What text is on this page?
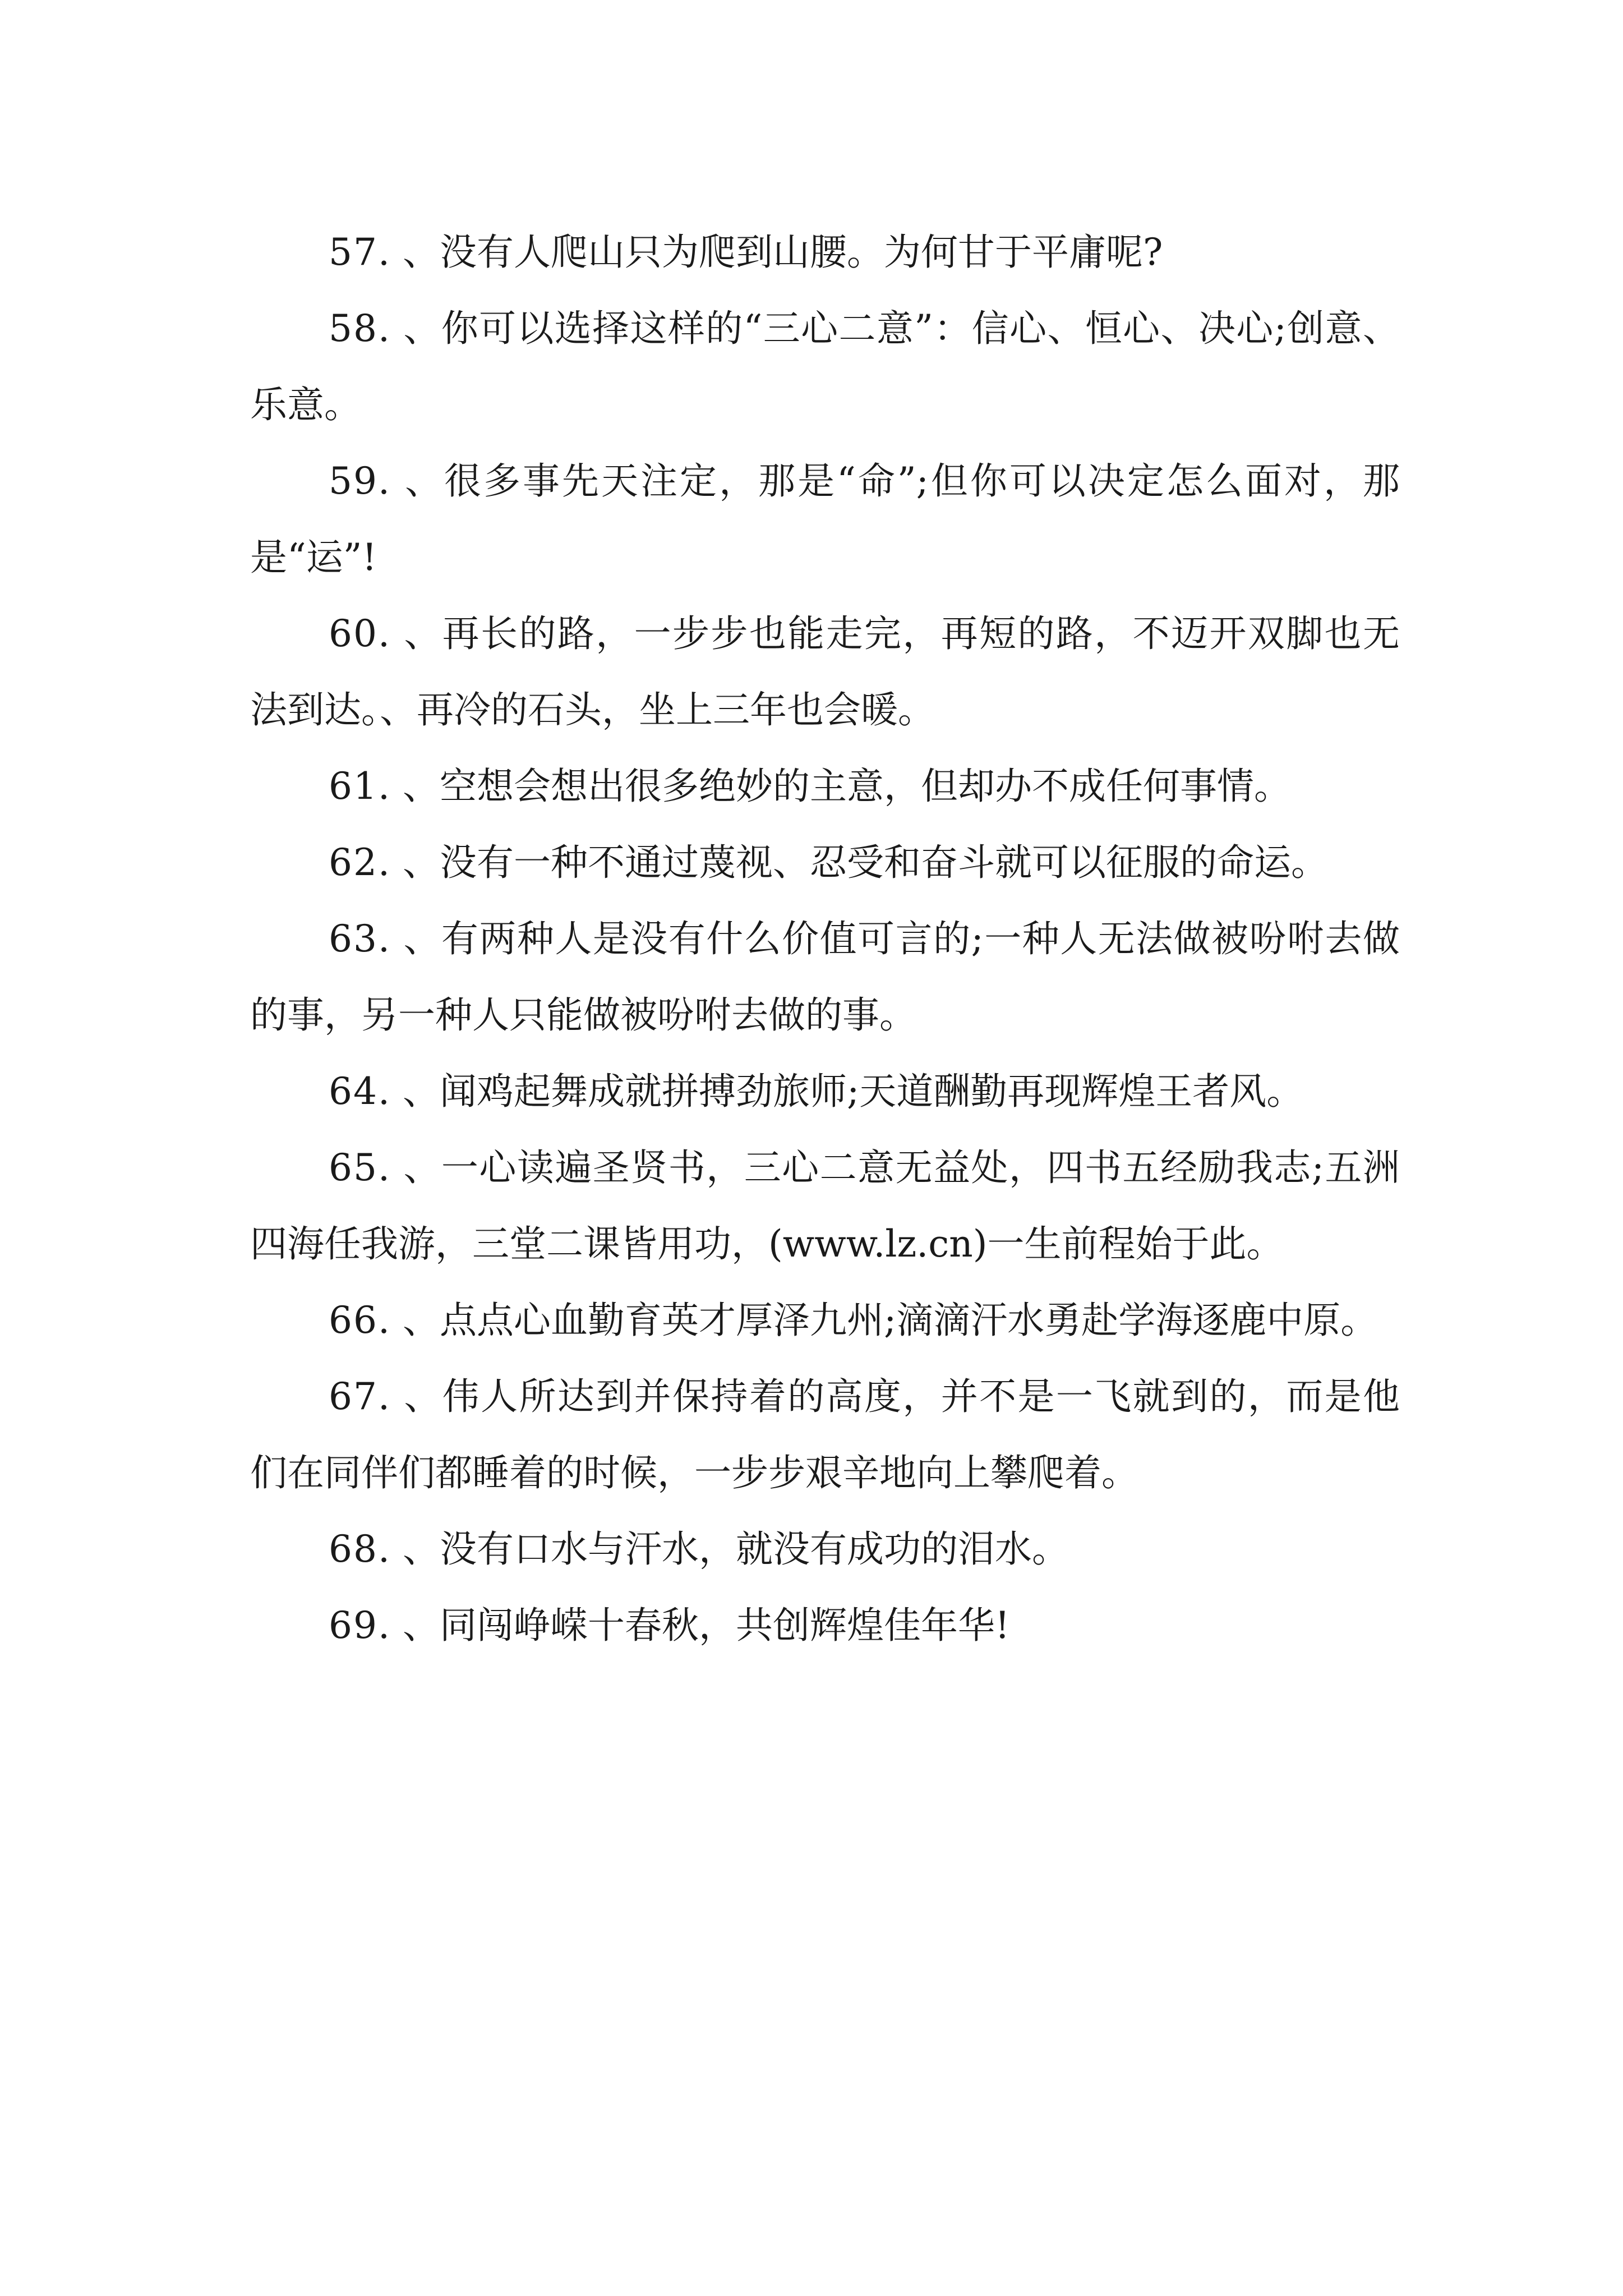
57. 、没有人爬山只为爬到山腰。为何甘于平庸呢?

58. 、你可以选择这样的“三心二意”：信心、恒心、决心;创意、乐意。

59. 、很多事先天注定，那是“命”;但你可以决定怎么面对，那是“运”!

60. 、再长的路，一步步也能走完，再短的路，不迈开双脚也无法到达。、再冷的石头，坐上三年也会暖。

61. 、空想会想出很多绝妙的主意，但却办不成任何事情。

62. 、没有一种不通过蔑视、忍受和奋斗就可以征服的命运。

63. 、有两种人是没有什么价值可言的;一种人无法做被吩咐去做的事，另一种人只能做被吩咐去做的事。

64. 、闻鸡起舞成就拼搏劲旅师;天道酬勤再现辉煌王者风。

65. 、一心读遍圣贤书，三心二意无益处，四书五经励我志;五洲四海任我游，三堂二课皆用功，(www.lz.cn)一生前程始于此。

66. 、点点心血勤育英才厚泽九州;滴滴汗水勇赴学海逐鹿中原。

67. 、伟人所达到并保持着的高度，并不是一飞就到的，而是他们在同伴们都睡着的时候，一步步艰辛地向上攀爬着。

68. 、没有口水与汗水，就没有成功的泪水。

69. 、同闯峥嵘十春秋，共创辉煌佳年华!
